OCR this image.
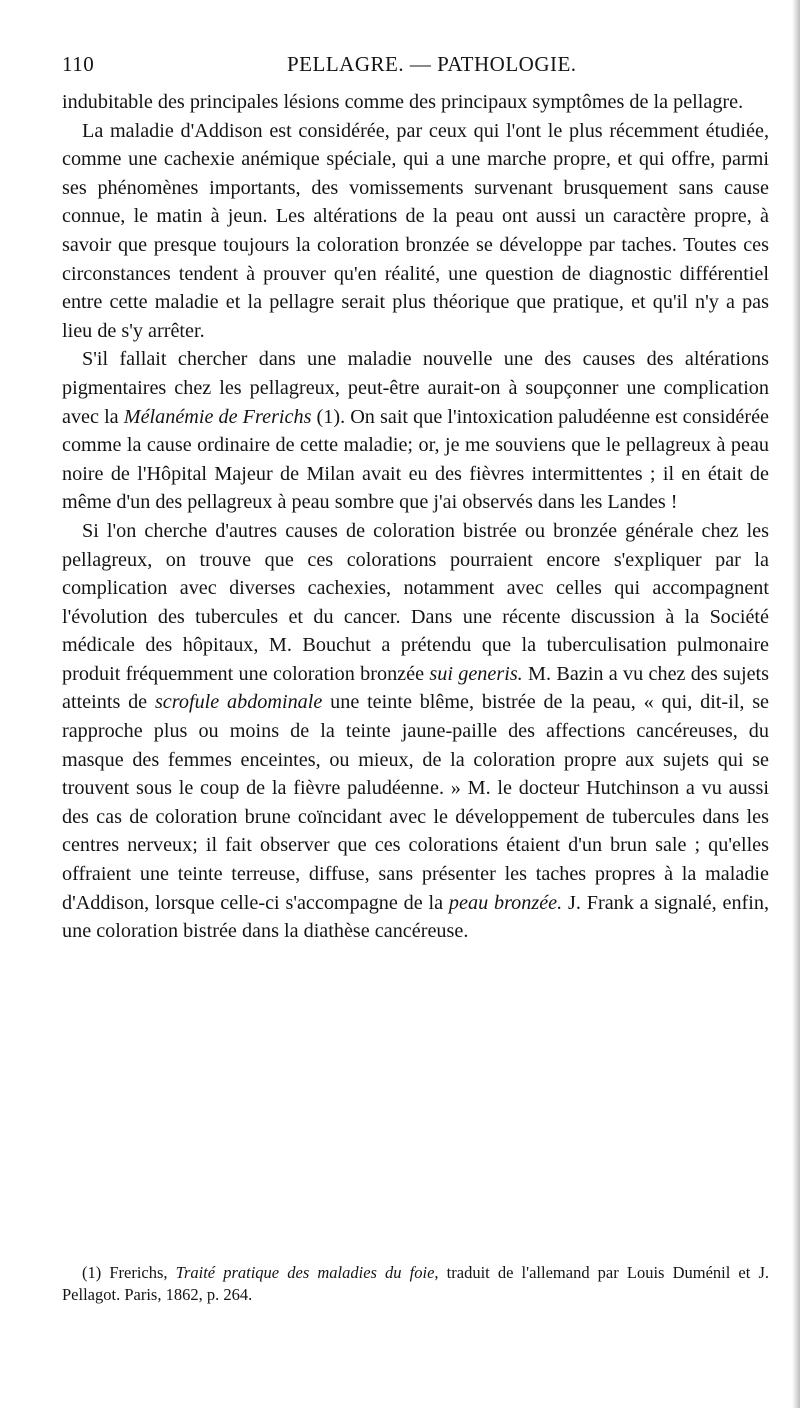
110	PELLAGRE. — PATHOLOGIE.

indubitable des principales lésions comme des principaux symptômes de la pellagre.

La maladie d'Addison est considérée, par ceux qui l'ont le plus récemment étudiée, comme une cachexie anémique spéciale, qui a une marche propre, et qui offre, parmi ses phénomènes importants, des vomissements survenant brusquement sans cause connue, le matin à jeun. Les altérations de la peau ont aussi un caractère propre, à savoir que presque toujours la coloration bronzée se développe par taches. Toutes ces circonstances tendent à prouver qu'en réalité, une question de diagnostic différentiel entre cette maladie et la pellagre serait plus théorique que pratique, et qu'il n'y a pas lieu de s'y arrêter.

S'il fallait chercher dans une maladie nouvelle une des causes des altérations pigmentaires chez les pellagreux, peut-être aurait-on à soupçonner une complication avec la Mélanémie de Frerichs (1). On sait que l'intoxication paludéenne est considérée comme la cause ordinaire de cette maladie; or, je me souviens que le pellagreux à peau noire de l'Hôpital Majeur de Milan avait eu des fièvres intermittentes ; il en était de même d'un des pellagreux à peau sombre que j'ai observés dans les Landes !

Si l'on cherche d'autres causes de coloration bistrée ou bronzée générale chez les pellagreux, on trouve que ces colorations pourraient encore s'expliquer par la complication avec diverses cachexies, notamment avec celles qui accompagnent l'évolution des tubercules et du cancer. Dans une récente discussion à la Société médicale des hôpitaux, M. Bouchut a prétendu que la tuberculisation pulmonaire produit fréquemment une coloration bronzée sui generis. M. Bazin a vu chez des sujets atteints de scrofule abdominale une teinte blême, bistrée de la peau, « qui, dit-il, se rapproche plus ou moins de la teinte jaune-paille des affections cancéreuses, du masque des femmes enceintes, ou mieux, de la coloration propre aux sujets qui se trouvent sous le coup de la fièvre paludéenne. » M. le docteur Hutchinson a vu aussi des cas de coloration brune coïncidant avec le développement de tubercules dans les centres nerveux; il fait observer que ces colorations étaient d'un brun sale ; qu'elles offraient une teinte terreuse, diffuse, sans présenter les taches propres à la maladie d'Addison, lorsque celle-ci s'accompagne de la peau bronzée. J. Frank a signalé, enfin, une coloration bistrée dans la diathèse cancéreuse.

(1) Frerichs, Traité pratique des maladies du foie, traduit de l'allemand par Louis Duménil et J. Pellagot. Paris, 1862, p. 264.
